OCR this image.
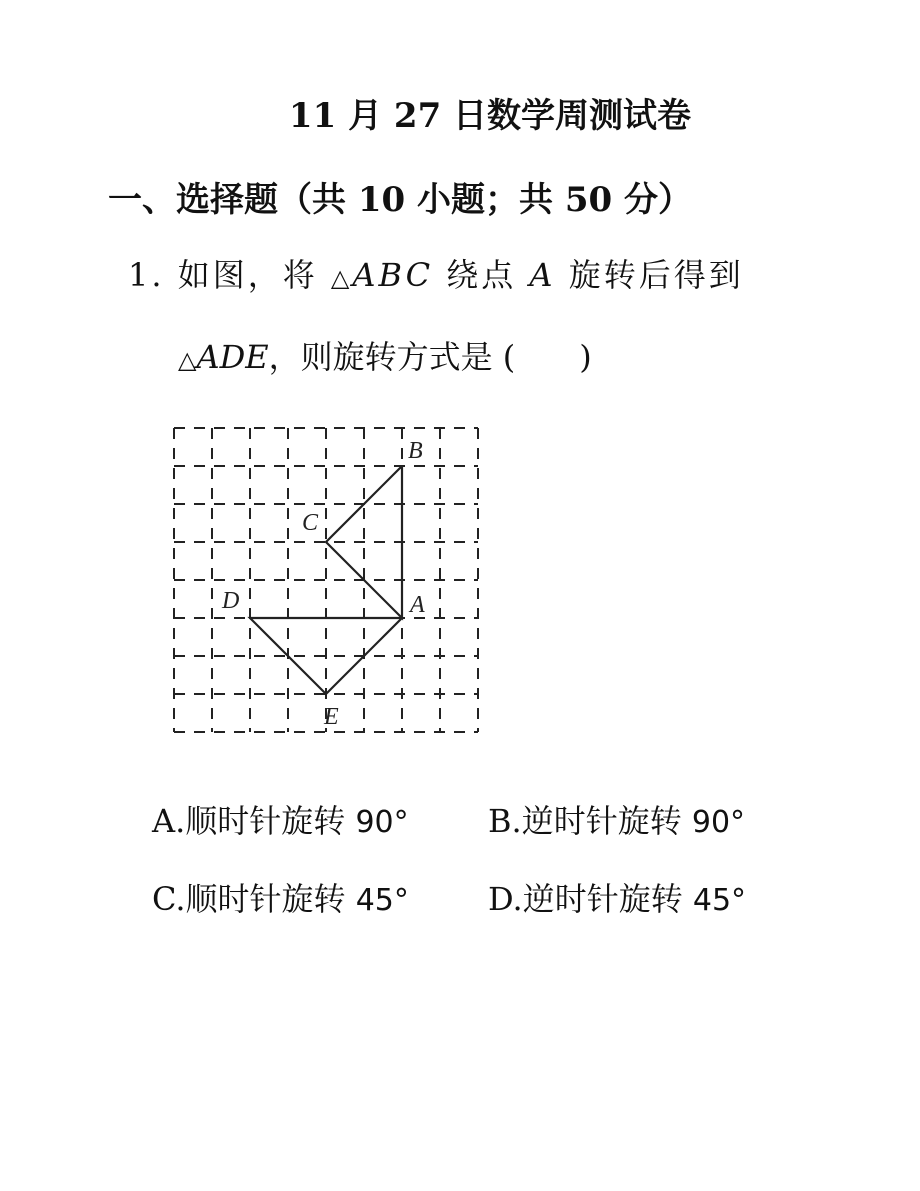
11 月 27 日数学周测试卷
一、选择题（共 10 小题；共 50 分）
1. 如图，将 △ABC 绕点 A 旋转后得到
△ADE，则旋转方式是 (　　)
B
C
D	A
E
A.顺时针旋转 90° B.逆时针旋转 90°
C.顺时针旋转 45° D.逆时针旋转 45°
